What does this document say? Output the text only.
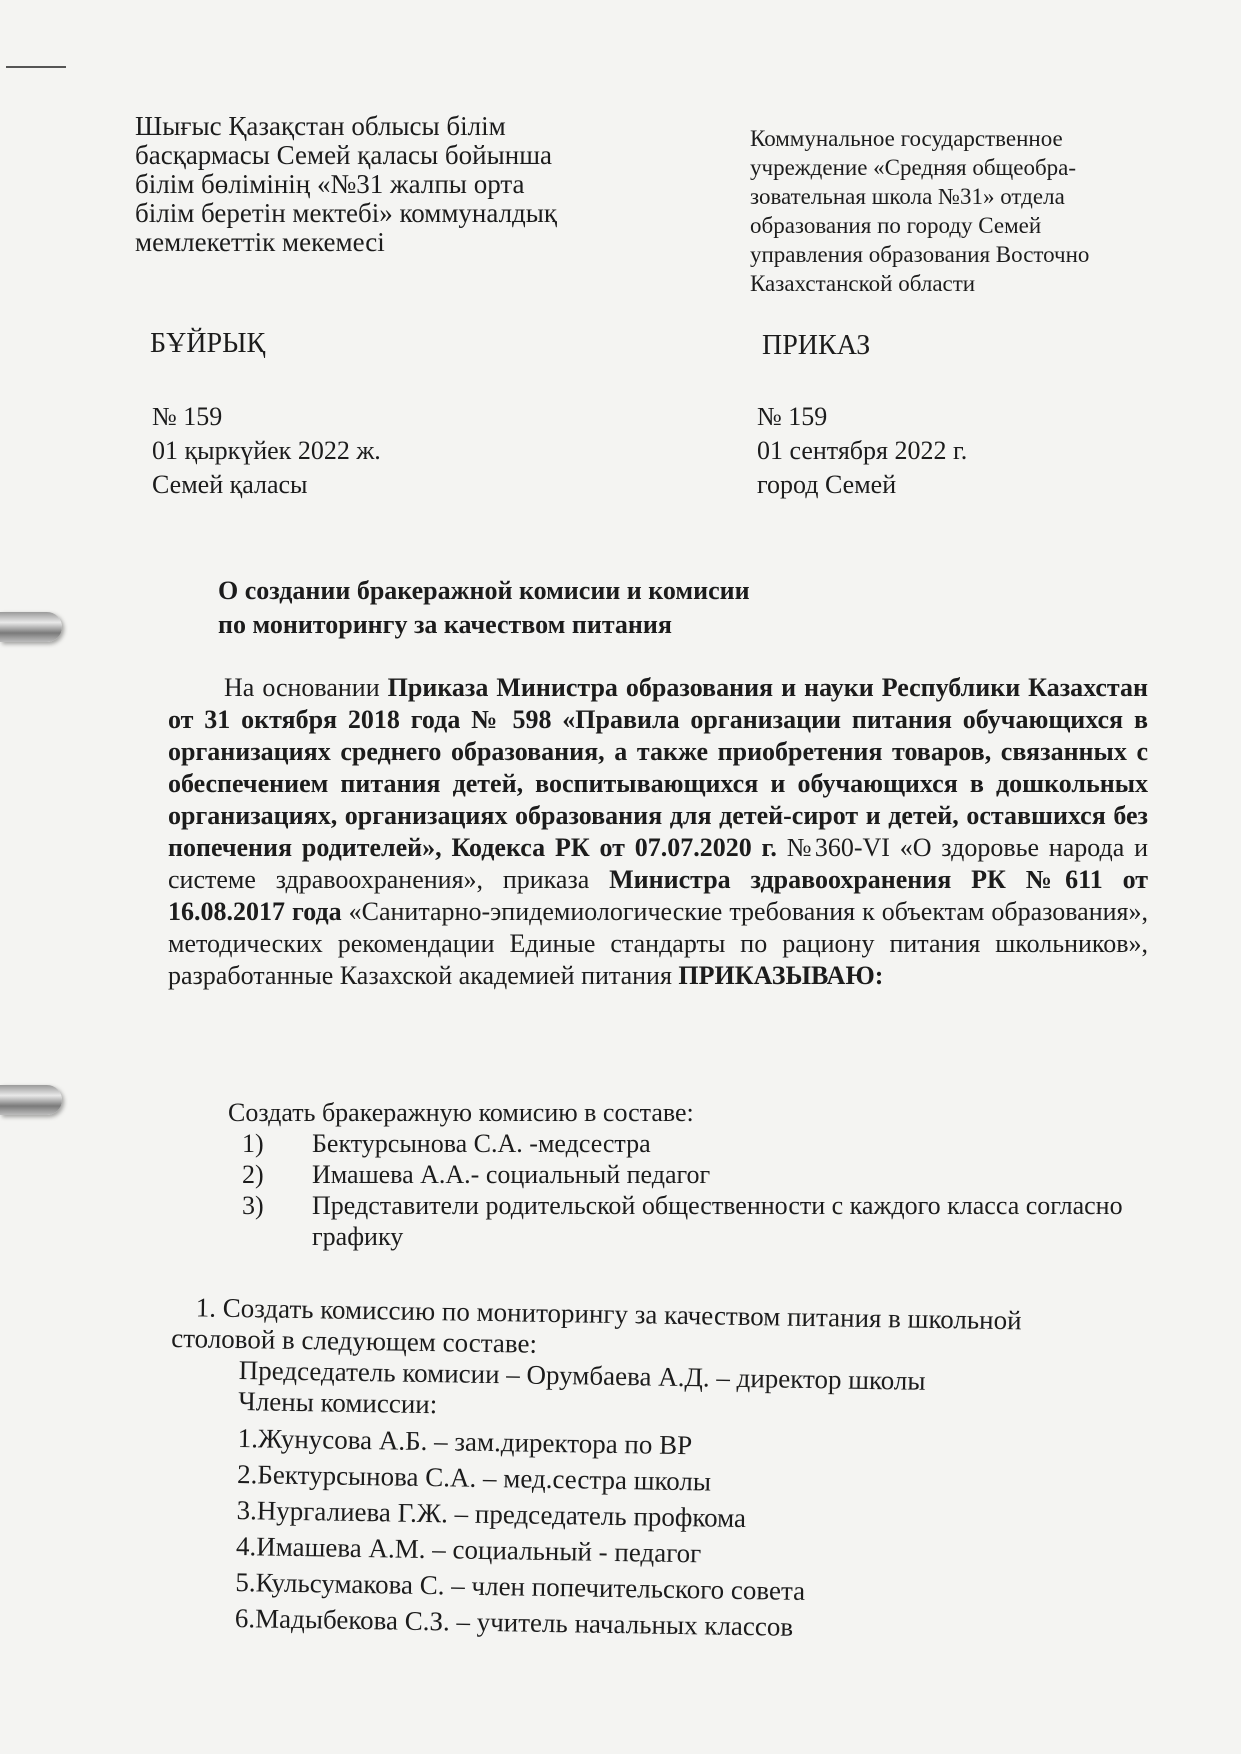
Шығыс Қазақстан облысы білім
басқармасы Семей қаласы бойынша
білім бөлімінің «№31 жалпы орта
білім беретін мектебі» коммуналдық
мемлекеттік мекемесі
Коммунальное государственное
учреждение «Средняя общеобра-
зовательная школа №31» отдела
образования по городу Семей
управления образования Восточно
Казахстанской области
БҰЙРЫҚ	ПРИКАЗ
№ 159
01 қыркүйек 2022 ж.
Семей қаласы
№ 159
01 сентября 2022 г.
город Семей
О создании бракеражной комисии и комисии
по мониторингу за качеством питания
На основании Приказа Министра образования и науки Республики Казахстан от 31 октября 2018 года № 598 «Правила организации питания обучающихся в организациях среднего образования, а также приобретения товаров, связанных с обеспечением питания детей, воспитывающихся и обучающихся в дошкольных организациях, организациях образования для детей-сирот и детей, оставшихся без попечения родителей», Кодекса РК от 07.07.2020 г. №360-VI «О здоровье народа и системе здравоохранения», приказа Министра здравоохранения РК №611 от 16.08.2017 года «Санитарно-эпидемиологические требования к объектам образования», методических рекомендации Единые стандарты по рациону питания школьников», разработанные Казахской академией питания ПРИКАЗЫВАЮ:
Создать бракеражную комисию в составе:
1) Бектурсынова С.А. -медсестра
2) Имашева А.А.- социальный педагог
3) Представители родительской общественности с каждого класса согласно графику
1. Создать комиссию по мониторингу за качеством питания в школьной
столовой в следующем составе:
Председатель комисии – Орумбаева А.Д. – директор школы
Члены комиссии:
1.Жунусова А.Б. – зам.директора по ВР
2.Бектурсынова С.А. – мед.сестра школы
3.Нургалиева Г.Ж. – председатель профкома
4.Имашева А.М. – социальный - педагог
5.Кульсумакова С. – член попечительского совета
6.Мадыбекова С.З. – учитель начальных классов
